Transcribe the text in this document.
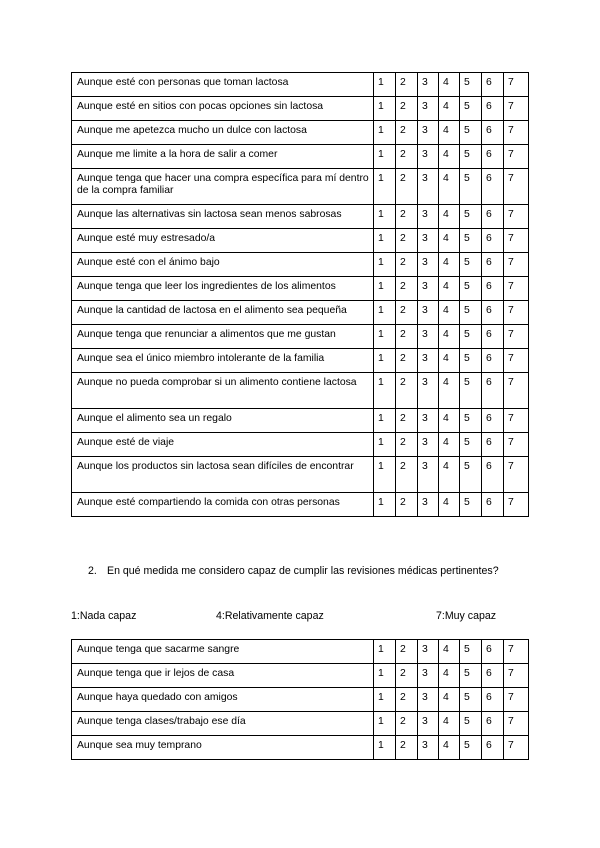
Aunque esté con personas que toman lactosa	1	2	3	4	5	6	7
Aunque esté en sitios con pocas opciones sin lactosa	1	2	3	4	5	6	7
Aunque me apetezca mucho un dulce con lactosa	1	2	3	4	5	6	7
Aunque me limite a la hora de salir a comer	1	2	3	4	5	6	7
Aunque tenga que hacer una compra específica para mí dentro de la compra familiar	1	2	3	4	5	6	7
Aunque las alternativas sin lactosa sean menos sabrosas	1	2	3	4	5	6	7
Aunque esté muy estresado/a	1	2	3	4	5	6	7
Aunque esté con el ánimo bajo	1	2	3	4	5	6	7
Aunque tenga que leer los ingredientes de los alimentos	1	2	3	4	5	6	7
Aunque la cantidad de lactosa en el alimento sea pequeña	1	2	3	4	5	6	7
Aunque tenga que renunciar a alimentos que me gustan	1	2	3	4	5	6	7
Aunque sea el único miembro intolerante de la familia	1	2	3	4	5	6	7
Aunque no pueda comprobar si un alimento contiene lactosa	1	2	3	4	5	6	7
Aunque el alimento sea un regalo	1	2	3	4	5	6	7
Aunque esté de viaje	1	2	3	4	5	6	7
Aunque los productos sin lactosa sean difíciles de encontrar	1	2	3	4	5	6	7
Aunque esté compartiendo la comida con otras personas	1	2	3	4	5	6	7
2. En qué medida me considero capaz de cumplir las revisiones médicas pertinentes?
1:Nada capaz	4:Relativamente capaz	7:Muy capaz
Aunque tenga que sacarme sangre	1	2	3	4	5	6	7
Aunque tenga que ir lejos de casa	1	2	3	4	5	6	7
Aunque haya quedado con amigos	1	2	3	4	5	6	7
Aunque tenga clases/trabajo ese día	1	2	3	4	5	6	7
Aunque sea muy temprano	1	2	3	4	5	6	7
